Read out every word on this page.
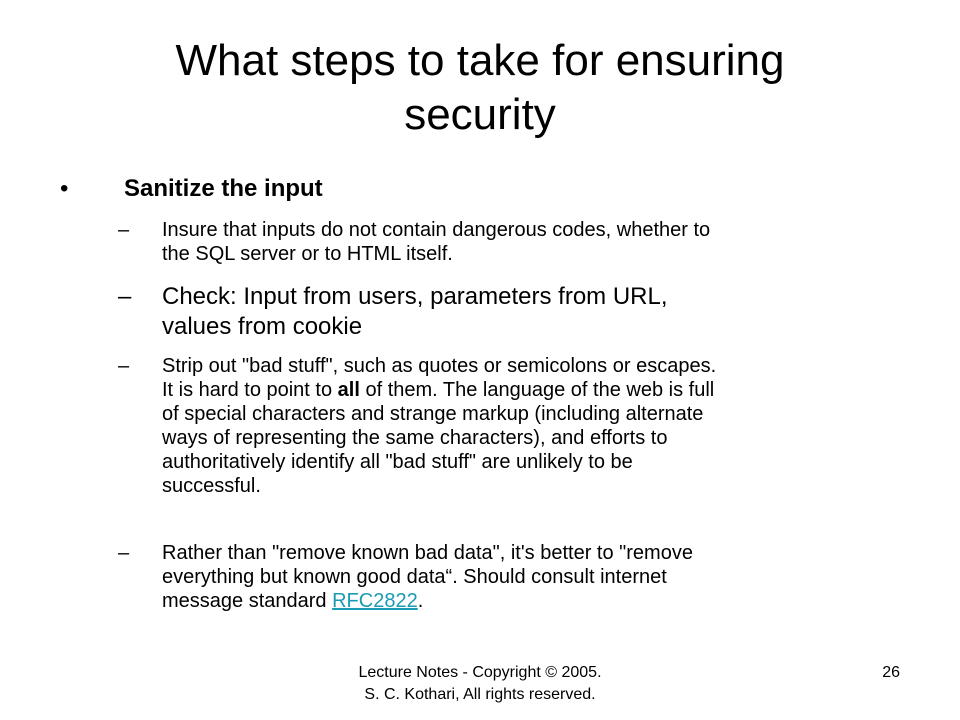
What steps to take for ensuring
security
• Sanitize the input
– Insure that inputs do not contain dangerous codes, whether to
the SQL server or to HTML itself.
– Check: Input from users, parameters from URL,
values from cookie
– Strip out "bad stuff", such as quotes or semicolons or escapes.
It is hard to point to all of them. The language of the web is full
of special characters and strange markup (including alternate
ways of representing the same characters), and efforts to
authoritatively identify all "bad stuff" are unlikely to be
successful.
– Rather than "remove known bad data", it's better to "remove
everything but known good data“. Should consult internet
message standard RFC2822.
Lecture Notes - Copyright © 2005.
S. C. Kothari, All rights reserved.
26
